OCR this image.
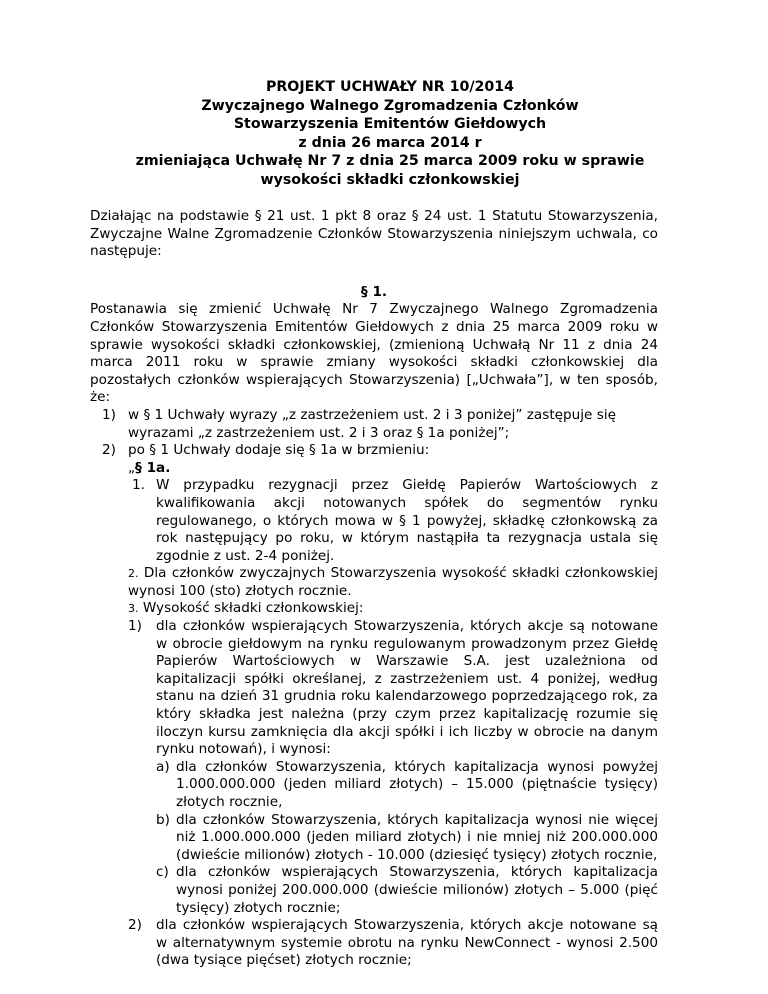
PROJEKT UCHWAŁY NR 10/2014
Zwyczajnego Walnego Zgromadzenia Członków
Stowarzyszenia Emitentów Giełdowych
z dnia 26 marca 2014 r
zmieniająca Uchwałę Nr 7 z dnia 25 marca 2009 roku w sprawie
wysokości składki członkowskiej

Działając na podstawie § 21 ust. 1 pkt 8 oraz § 24 ust. 1 Statutu Stowarzyszenia, Zwyczajne Walne Zgromadzenie Członków Stowarzyszenia niniejszym uchwala, co następuje:

§ 1.

Postanawia się zmienić Uchwałę Nr 7 Zwyczajnego Walnego Zgromadzenia Członków Stowarzyszenia Emitentów Giełdowych z dnia 25 marca 2009 roku w sprawie wysokości składki członkowskiej, (zmienioną Uchwałą Nr 11 z dnia 24 marca 2011 roku w sprawie zmiany wysokości składki członkowskiej dla pozostałych członków wspierających Stowarzyszenia) [„Uchwała”], w ten sposób, że:
1) w § 1 Uchwały wyrazy „z zastrzeżeniem ust. 2 i 3 poniżej” zastępuje się wyrazami „z zastrzeżeniem ust. 2 i 3 oraz § 1a poniżej”;
2) po § 1 Uchwały dodaje się § 1a w brzmieniu:
„§ 1a.
1. W przypadku rezygnacji przez Giełdę Papierów Wartościowych z kwalifikowania akcji notowanych spółek do segmentów rynku regulowanego, o których mowa w § 1 powyżej, składkę członkowską za rok następujący po roku, w którym nastąpiła ta rezygnacja ustala się zgodnie z ust. 2-4 poniżej.
2. Dla członków zwyczajnych Stowarzyszenia wysokość składki członkowskiej wynosi 100 (sto) złotych rocznie.
3. Wysokość składki członkowskiej:
1) dla członków wspierających Stowarzyszenia, których akcje są notowane w obrocie giełdowym na rynku regulowanym prowadzonym przez Giełdę Papierów Wartościowych w Warszawie S.A. jest uzależniona od kapitalizacji spółki określanej, z zastrzeżeniem ust. 4 poniżej, według stanu na dzień 31 grudnia roku kalendarzowego poprzedzającego rok, za który składka jest należna (przy czym przez kapitalizację rozumie się iloczyn kursu zamknięcia dla akcji spółki i ich liczby w obrocie na danym rynku notowań), i wynosi:
a) dla członków Stowarzyszenia, których kapitalizacja wynosi powyżej 1.000.000.000 (jeden miliard złotych) – 15.000 (piętnaście tysięcy) złotych rocznie,
b) dla członków Stowarzyszenia, których kapitalizacja wynosi nie więcej niż 1.000.000.000 (jeden miliard złotych) i nie mniej niż 200.000.000 (dwieście milionów) złotych - 10.000 (dziesięć tysięcy) złotych rocznie,
c) dla członków wspierających Stowarzyszenia, których kapitalizacja wynosi poniżej 200.000.000 (dwieście milionów) złotych – 5.000 (pięć tysięcy) złotych rocznie;
2) dla członków wspierających Stowarzyszenia, których akcje notowane są w alternatywnym systemie obrotu na rynku NewConnect - wynosi 2.500 (dwa tysiące pięćset) złotych rocznie;
